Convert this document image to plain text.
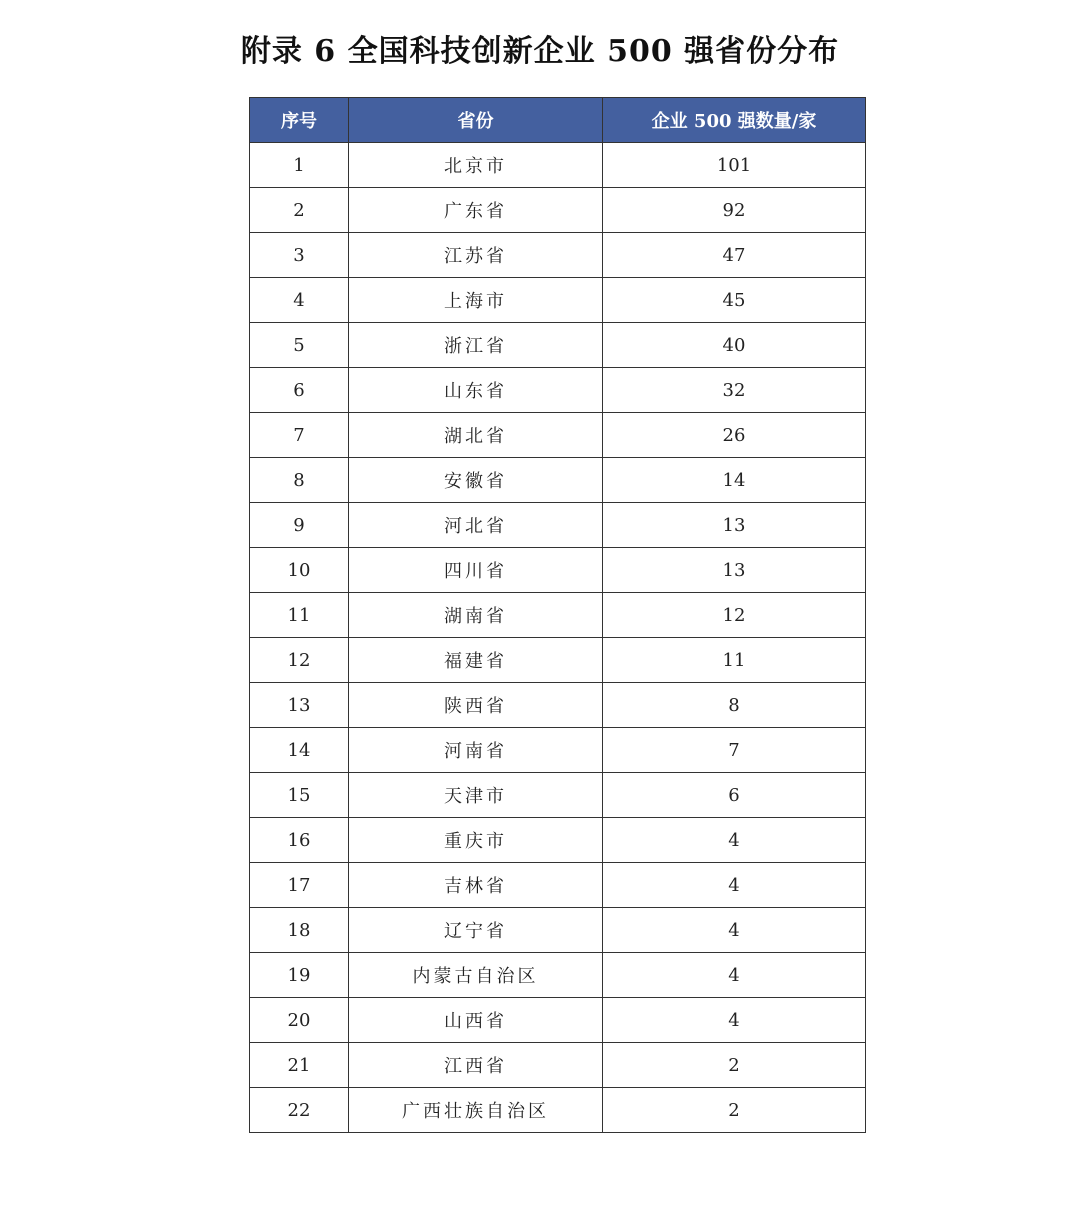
附录 6 全国科技创新企业 500 强省份分布
序号	省份	企业 500 强数量/家
1	北京市	101
2	广东省	92
3	江苏省	47
4	上海市	45
5	浙江省	40
6	山东省	32
7	湖北省	26
8	安徽省	14
9	河北省	13
10	四川省	13
11	湖南省	12
12	福建省	11
13	陕西省	8
14	河南省	7
15	天津市	6
16	重庆市	4
17	吉林省	4
18	辽宁省	4
19	内蒙古自治区	4
20	山西省	4
21	江西省	2
22	广西壮族自治区	2
